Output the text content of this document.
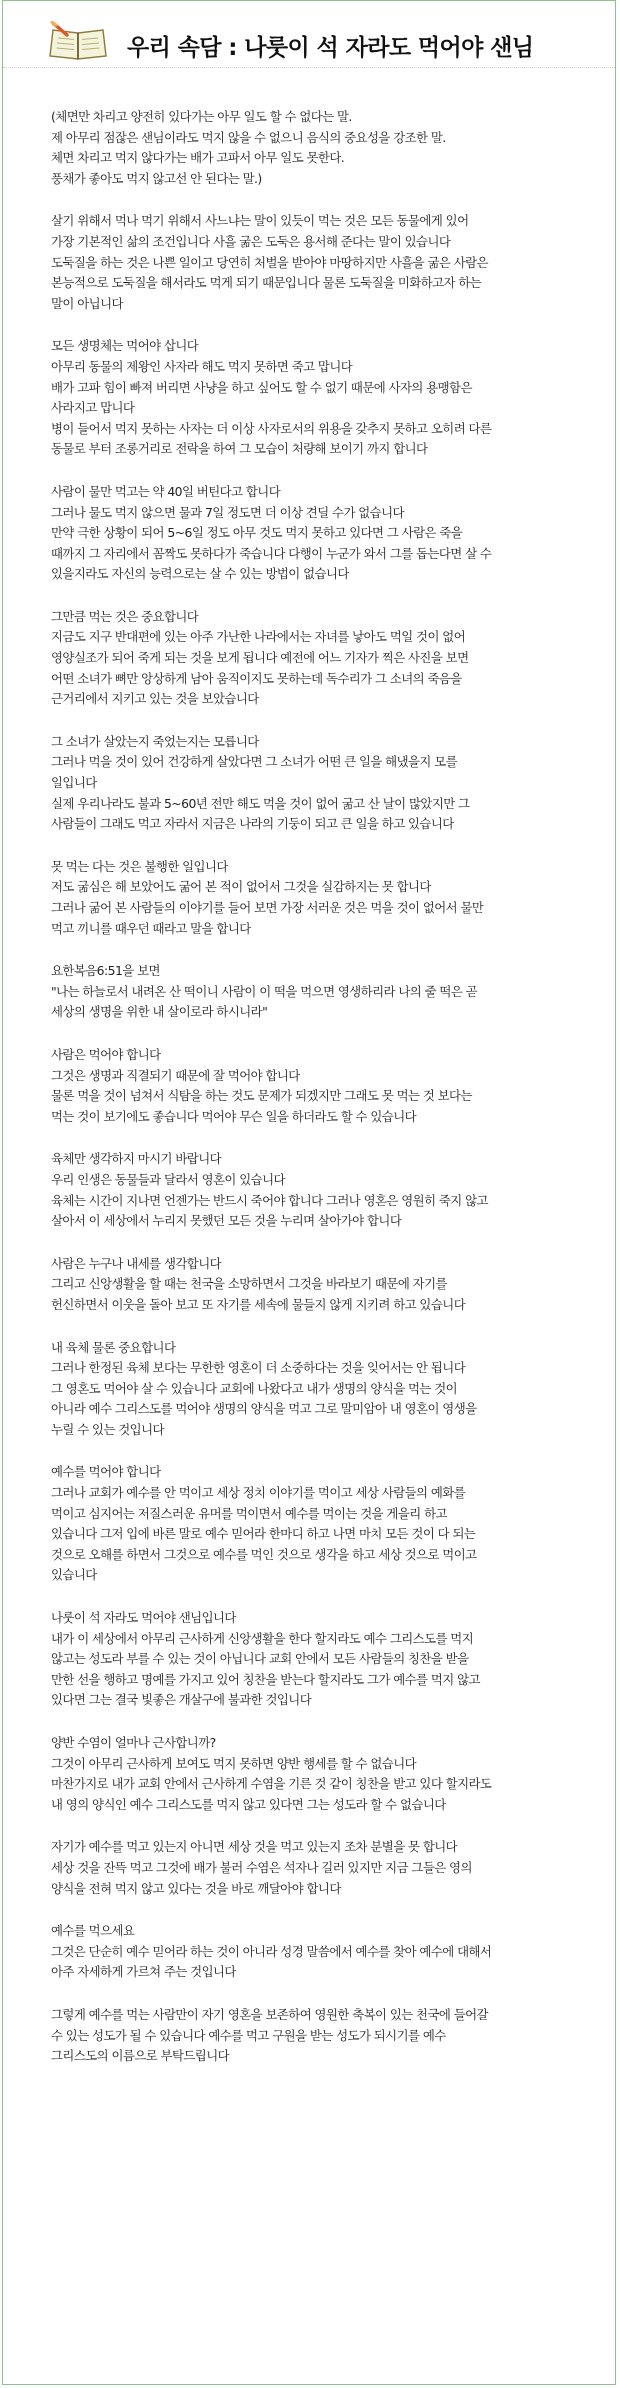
우리 속담 : 나룻이 석 자라도 먹어야 샌님
(체면만 차리고 양전히 있다가는 아무 일도 할 수 없다는 말.
제 아무리 점잖은 샌님이라도 먹지 않을 수 없으니 음식의 중요성을 강조한 말.
체면 차리고 먹지 않다가는 배가 고파서 아무 일도 못한다.
풍채가 좋아도 먹지 않고선 안 된다는 말.)
살기 위해서 먹나 먹기 위해서 사느냐는 말이 있듯이 먹는 것은 모든 동물에게 있어
가장 기본적인 삶의 조건입니다 사흘 굶은 도둑은 용서해 준다는 말이 있습니다
도둑질을 하는 것은 나쁜 일이고 당연히 처벌을 받아야 마땅하지만 사흘을 굶은 사람은
본능적으로 도둑질을 해서라도 먹게 되기 때문입니다 물론 도둑질을 미화하고자 하는
말이 아닙니다
모든 생명체는 먹어야 삽니다
아무리 동물의 제왕인 사자라 해도 먹지 못하면 죽고 맙니다
배가 고파 힘이 빠져 버리면 사냥을 하고 싶어도 할 수 없기 때문에 사자의 용맹함은
사라지고 맙니다
병이 들어서 먹지 못하는 사자는 더 이상 사자로서의 위용을 갖추지 못하고 오히려 다른
동물로 부터 조롱거리로 전락을 하여 그 모습이 처량해 보이기 까지 합니다
사람이 물만 먹고는 약 40일 버틴다고 합니다
그러나 물도 먹지 않으면 물과 7일 정도면 더 이상 견딜 수가 없습니다
만약 극한 상황이 되어 5~6일 정도 아무 것도 먹지 못하고 있다면 그 사람은 죽을
때까지 그 자리에서 꼼짝도 못하다가 죽습니다 다행이 누군가 와서 그를 돕는다면 살 수
있을지라도 자신의 능력으로는 살 수 있는 방법이 없습니다
그만큼 먹는 것은 중요합니다
지금도 지구 반대편에 있는 아주 가난한 나라에서는 자녀를 낳아도 먹일 것이 없어
영양실조가 되어 죽게 되는 것을 보게 됩니다 예전에 어느 기자가 찍은 사진을 보면
어떤 소녀가 뼈만 앙상하게 남아 움직이지도 못하는데 독수리가 그 소녀의 죽음을
근거리에서 지키고 있는 것을 보았습니다
그 소녀가 살았는지 죽었는지는 모릅니다
그러나 먹을 것이 있어 건강하게 살았다면 그 소녀가 어떤 큰 일을 해냈을지 모를
일입니다
실제 우리나라도 불과 5~60년 전만 해도 먹을 것이 없어 굶고 산 날이 많았지만 그
사람들이 그래도 먹고 자라서 지금은 나라의 기둥이 되고 큰 일을 하고 있습니다
못 먹는 다는 것은 불행한 일입니다
저도 굶심은 해 보았어도 굶어 본 적이 없어서 그것을 실감하지는 못 합니다
그러나 굶어 본 사람들의 이야기를 들어 보면 가장 서러운 것은 먹을 것이 없어서 물만
먹고 끼니를 때우던 때라고 말을 합니다
요한복음6:51을 보면
"나는 하늘로서 내려온 산 떡이니 사람이 이 떡을 먹으면 영생하리라 나의 줄 떡은 곧
세상의 생명을 위한 내 살이로라 하시니라"
사람은 먹어야 합니다
그것은 생명과 직결되기 때문에 잘 먹어야 합니다
물론 먹을 것이 넘쳐서 식탐을 하는 것도 문제가 되겠지만 그래도 못 먹는 것 보다는
먹는 것이 보기에도 좋습니다 먹어야 무슨 일을 하더라도 할 수 있습니다
육체만 생각하지 마시기 바랍니다
우리 인생은 동물들과 달라서 영혼이 있습니다
육체는 시간이 지나면 언젠가는 반드시 죽어야 합니다 그러나 영혼은 영원히 죽지 않고
살아서 이 세상에서 누리지 못했던 모든 것을 누리며 살아가야 합니다
사람은 누구나 내세를 생각합니다
그리고 신앙생활을 할 때는 천국을 소망하면서 그것을 바라보기 때문에 자기를
헌신하면서 이웃을 돌아 보고 또 자기를 세속에 물들지 않게 지키려 하고 있습니다
내 육체 물론 중요합니다
그러나 한정된 육체 보다는 무한한 영혼이 더 소중하다는 것을 잊어서는 안 됩니다
그 영혼도 먹어야 살 수 있습니다 교회에 나왔다고 내가 생명의 양식을 먹는 것이
아니라 예수 그리스도를 먹어야 생명의 양식을 먹고 그로 말미암아 내 영혼이 영생을
누릴 수 있는 것입니다
예수를 먹어야 합니다
그러나 교회가 예수를 안 먹이고 세상 정치 이야기를 먹이고 세상 사람들의 예화를
먹이고 심지어는 저질스러운 유머를 먹이면서 예수를 먹이는 것을 게을리 하고
있습니다 그저 입에 바른 말로 예수 믿어라 한마디 하고 나면 마치 모든 것이 다 되는
것으로 오해를 하면서 그것으로 예수를 먹인 것으로 생각을 하고 세상 것으로 먹이고
있습니다
나룻이 석 자라도 먹어야 샌님입니다
내가 이 세상에서 아무리 근사하게 신앙생활을 한다 할지라도 예수 그리스도를 먹지
않고는 성도라 부를 수 있는 것이 아닙니다 교회 안에서 모든 사람들의 칭찬을 받을
만한 선을 행하고 명예를 가지고 있어 칭찬을 받는다 할지라도 그가 예수를 먹지 않고
있다면 그는 결국 빛좋은 개살구에 불과한 것입니다
양반 수염이 얼마나 근사합니까?
그것이 아무리 근사하게 보여도 먹지 못하면 양반 행세를 할 수 없습니다
마찬가지로 내가 교회 안에서 근사하게 수염을 기른 것 같이 칭찬을 받고 있다 할지라도
내 영의 양식인 예수 그리스도를 먹지 않고 있다면 그는 성도라 할 수 없습니다
자기가 예수를 먹고 있는지 아니면 세상 것을 먹고 있는지 조차 분별을 못 합니다
세상 것을 잔뜩 먹고 그것에 배가 불러 수염은 석자나 길러 있지만 지금 그들은 영의
양식을 전혀 먹지 않고 있다는 것을 바로 깨달아야 합니다
예수를 먹으세요
그것은 단순히 예수 믿어라 하는 것이 아니라 성경 말씀에서 예수를 찾아 예수에 대해서
아주 자세하게 가르쳐 주는 것입니다
그렇게 예수를 먹는 사람만이 자기 영혼을 보존하여 영원한 축복이 있는 천국에 들어갈
수 있는 성도가 될 수 있습니다 예수를 먹고 구원을 받는 성도가 되시기를 예수
그리스도의 이름으로 부탁드립니다
